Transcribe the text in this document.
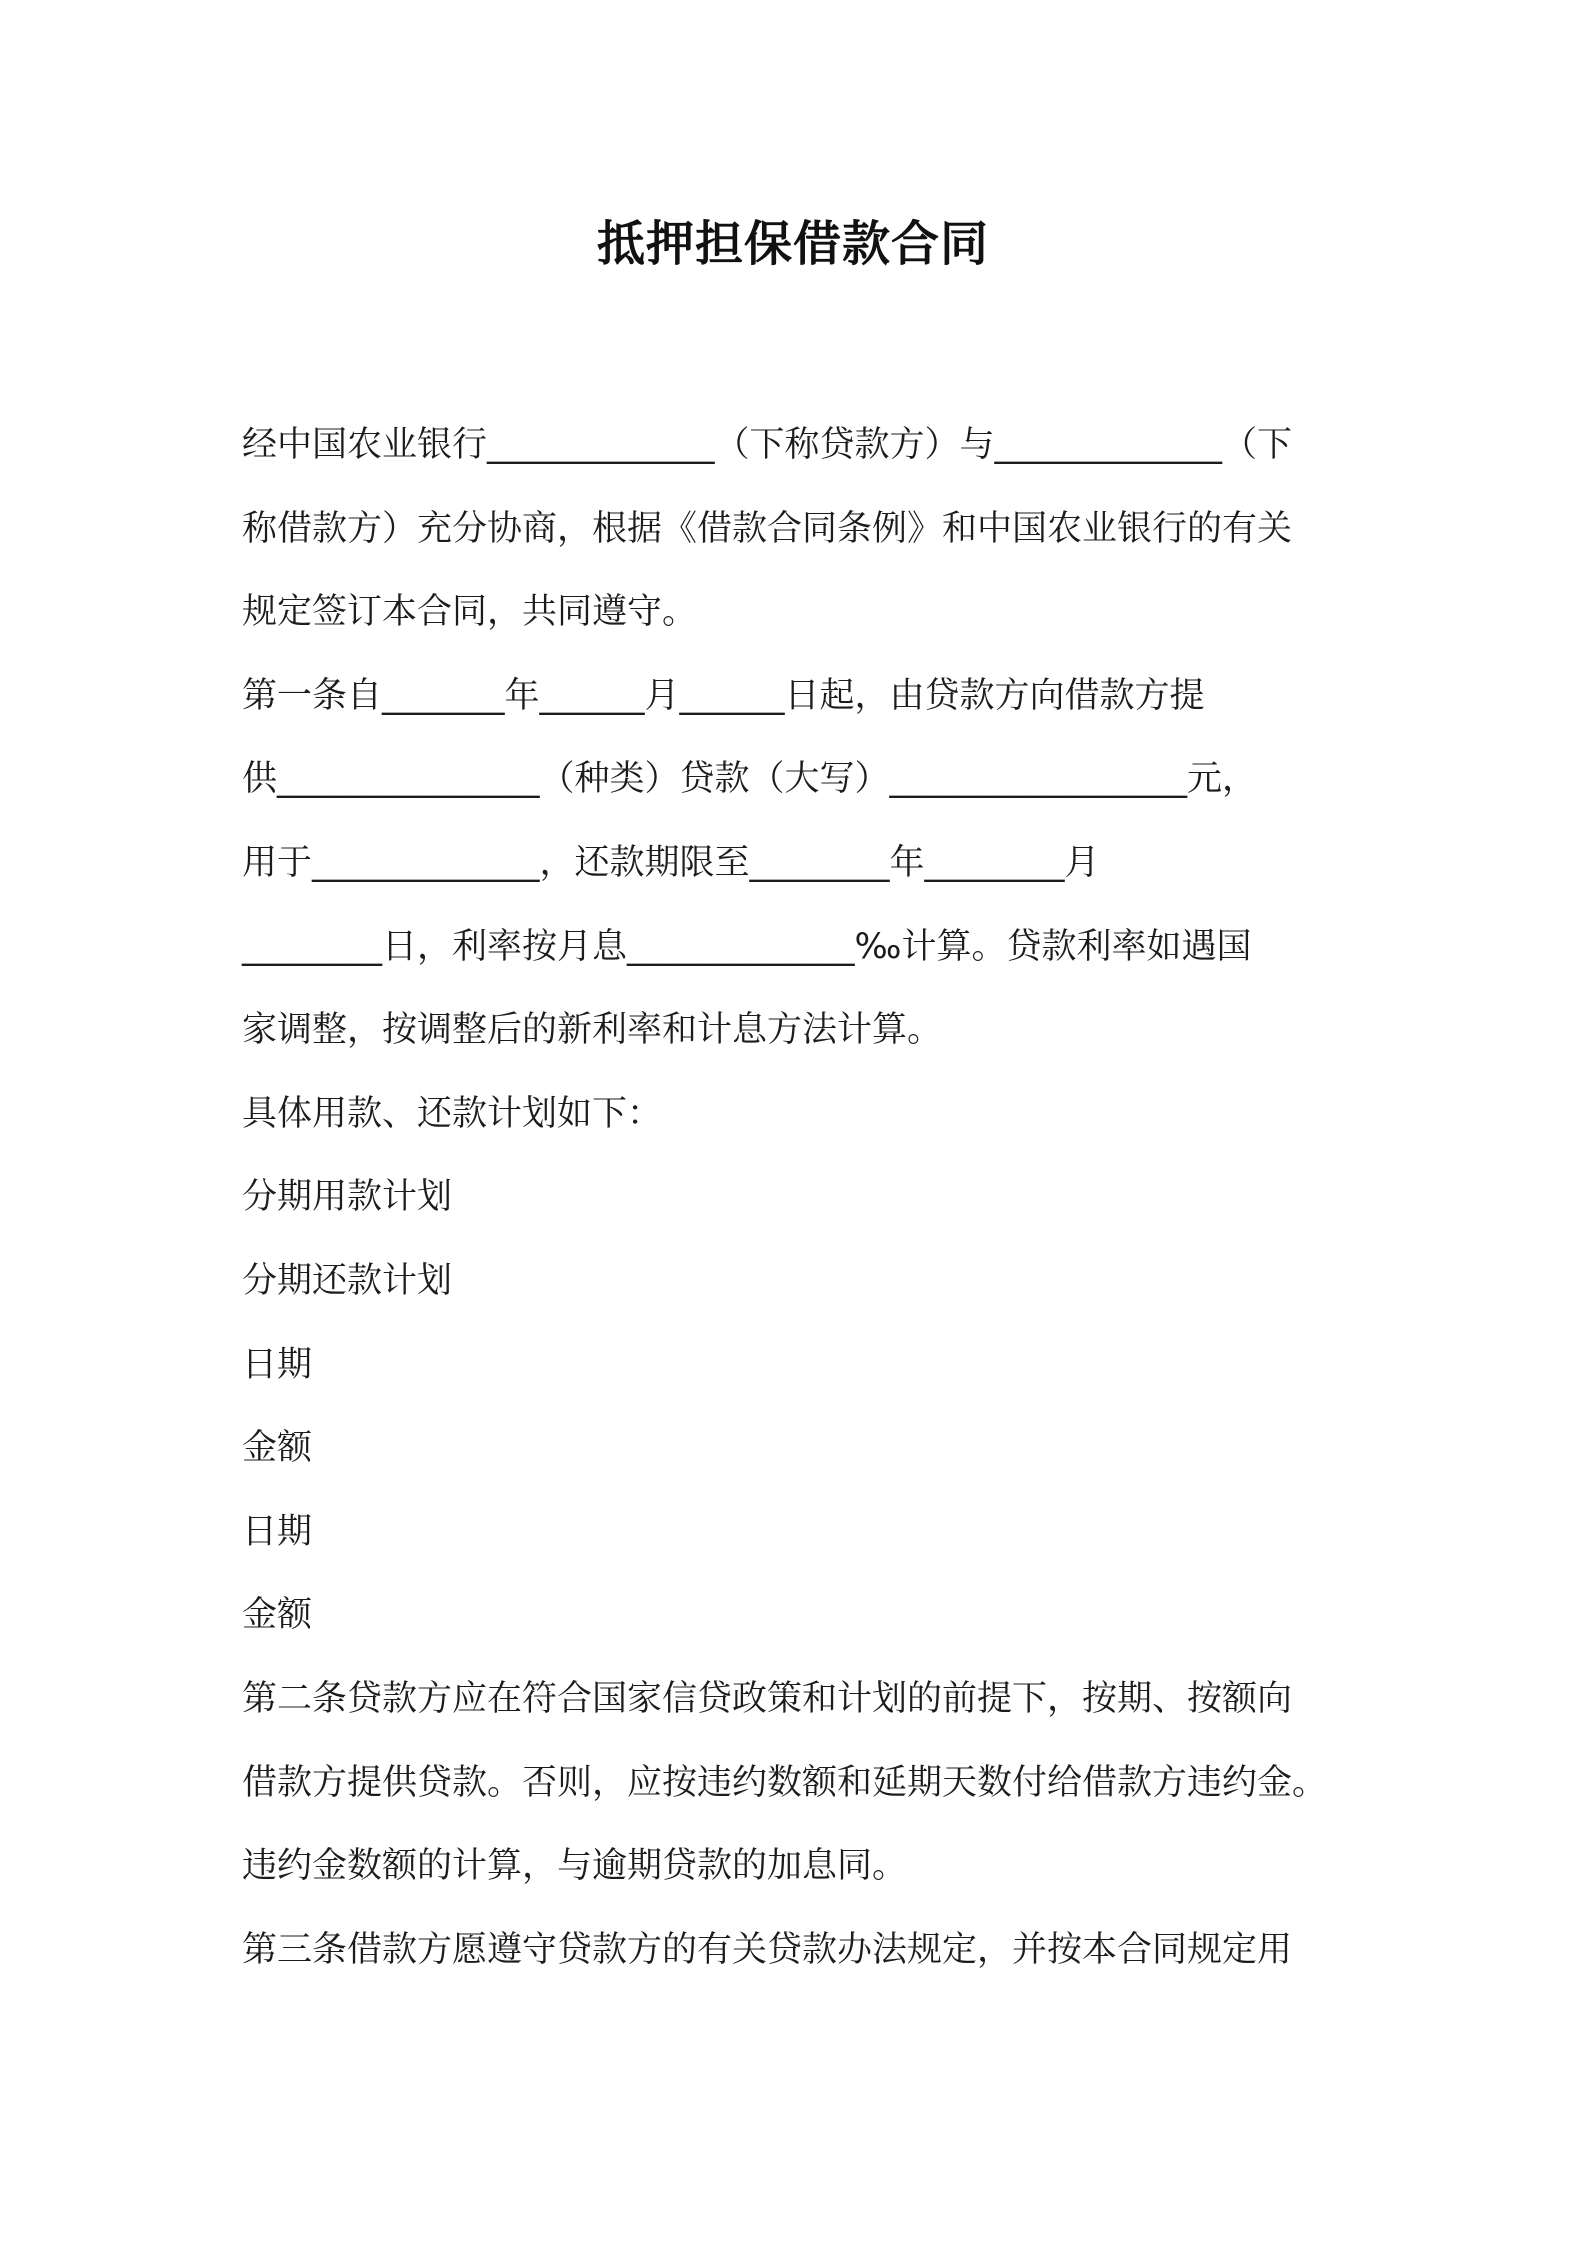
抵押担保借款合同
经中国农业银行_____________（下称贷款方）与_____________（下
称借款方）充分协商，根据《借款合同条例》和中国农业银行的有关
规定签订本合同，共同遵守。
第一条自_______年______月______日起，由贷款方向借款方提
供_______________（种类）贷款（大写）_________________元，
用于_____________，还款期限至________年________月
________日，利率按月息_____________‰计算。贷款利率如遇国
家调整，按调整后的新利率和计息方法计算。
具体用款、还款计划如下：
分期用款计划
分期还款计划
日期
金额
日期
金额
第二条贷款方应在符合国家信贷政策和计划的前提下，按期、按额向
借款方提供贷款。否则，应按违约数额和延期天数付给借款方违约金。
违约金数额的计算，与逾期贷款的加息同。
第三条借款方愿遵守贷款方的有关贷款办法规定，并按本合同规定用
